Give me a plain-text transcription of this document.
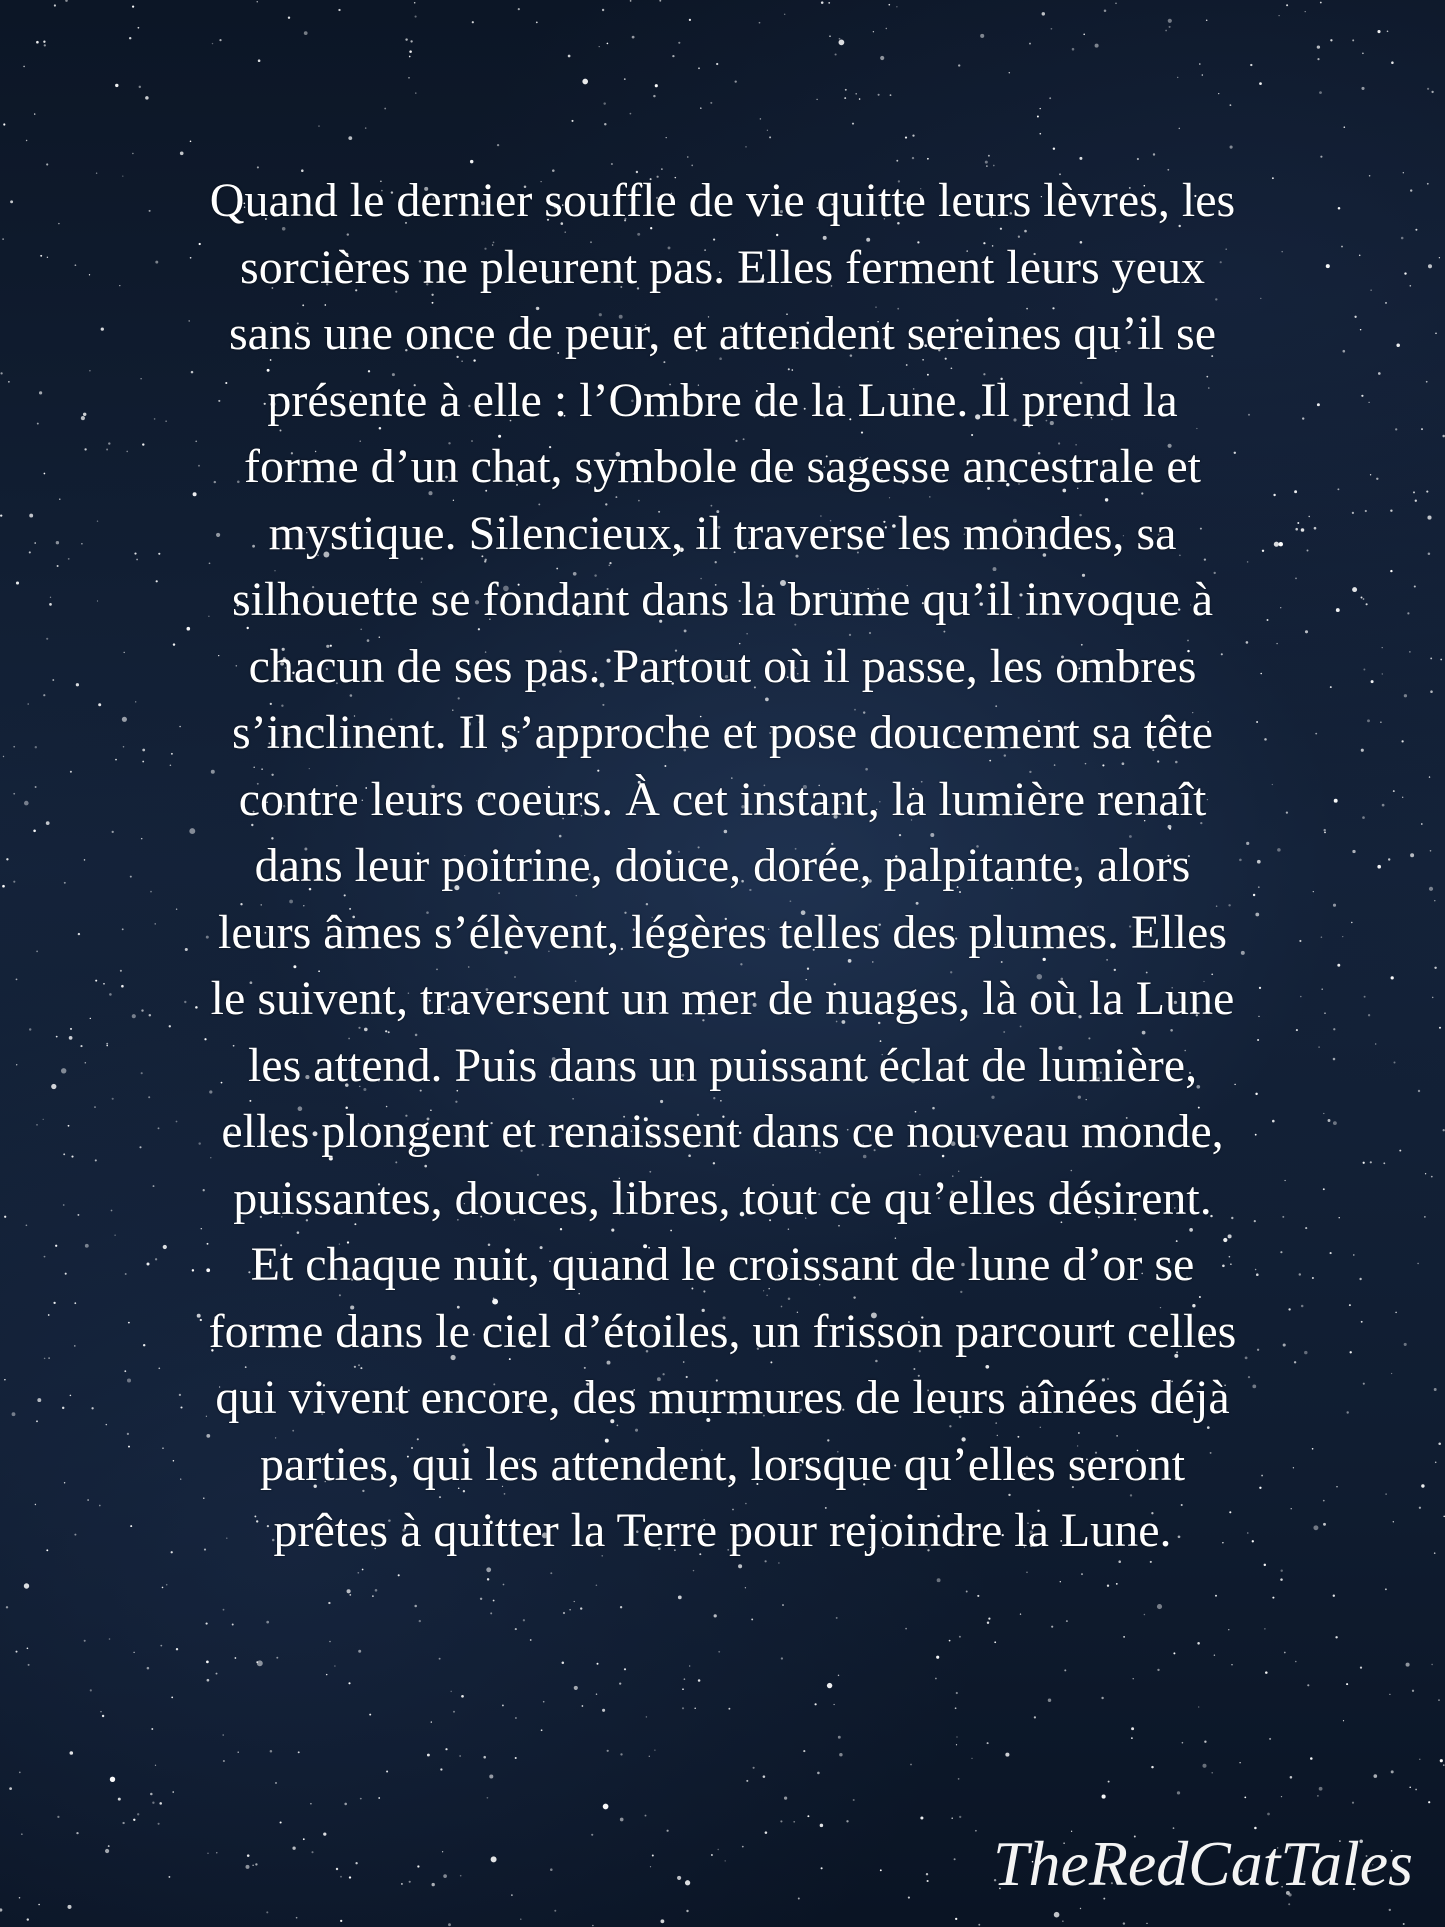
Quand le dernier souffle de vie quitte leurs lèvres, les
sorcières ne pleurent pas. Elles ferment leurs yeux
sans une once de peur, et attendent sereines qu’il se
présente à elle : l’Ombre de la Lune. Il prend la
forme d’un chat, symbole de sagesse ancestrale et
mystique. Silencieux, il traverse les mondes, sa
silhouette se fondant dans la brume qu’il invoque à
chacun de ses pas. Partout où il passe, les ombres
s’inclinent. Il s’approche et pose doucement sa tête
contre leurs coeurs. À cet instant, la lumière renaît
dans leur poitrine, douce, dorée, palpitante, alors
leurs âmes s’élèvent, légères telles des plumes. Elles
le suivent, traversent un mer de nuages, là où la Lune
les attend. Puis dans un puissant éclat de lumière,
elles plongent et renaissent dans ce nouveau monde,
puissantes, douces, libres, tout ce qu’elles désirent.
Et chaque nuit, quand le croissant de lune d’or se
forme dans le ciel d’étoiles, un frisson parcourt celles
qui vivent encore, des murmures de leurs aînées déjà
parties, qui les attendent, lorsque qu’elles seront
prêtes à quitter la Terre pour rejoindre la Lune.

TheRedCatTales
